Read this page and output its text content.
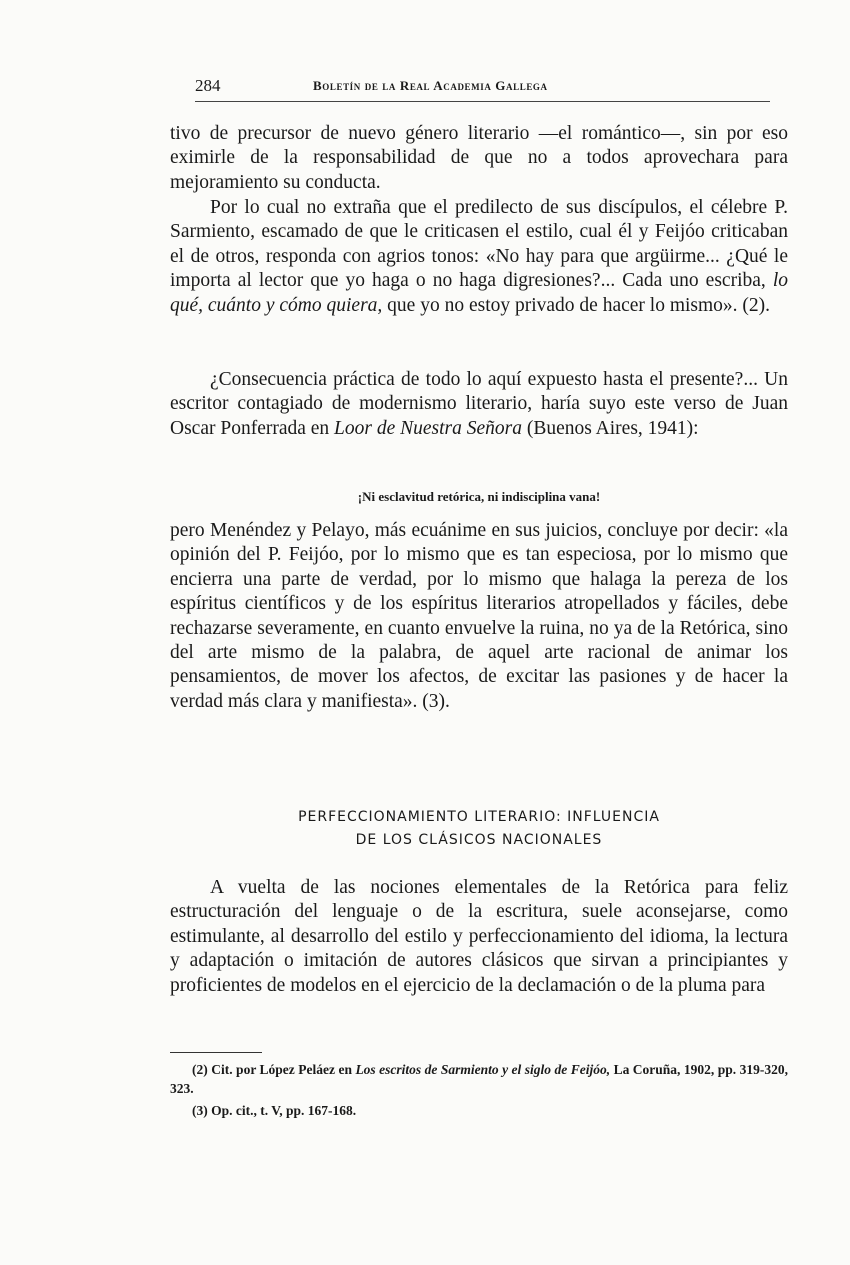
284	Boletín de la Real Academia Gallega

tivo de precursor de nuevo género literario —el romántico—, sin por eso eximirle de la responsabilidad de que no a todos aprovechara para mejoramiento su conducta.

Por lo cual no extraña que el predilecto de sus discípulos, el célebre P. Sarmiento, escamado de que le criticasen el estilo, cual él y Feijóo criticaban el de otros, responda con agrios tonos: «No hay para que argüirme... ¿Qué le importa al lector que yo haga o no haga digresiones?... Cada uno escriba, lo qué, cuánto y cómo quiera, que yo no estoy privado de hacer lo mismo». (2).

¿Consecuencia práctica de todo lo aquí expuesto hasta el presente?... Un escritor contagiado de modernismo literario, haría suyo este verso de Juan Oscar Ponferrada en Loor de Nuestra Señora (Buenos Aires, 1941):

¡Ni esclavitud retórica, ni indisciplina vana!

pero Menéndez y Pelayo, más ecuánime en sus juicios, concluye por decir: «la opinión del P. Feijóo, por lo mismo que es tan especiosa, por lo mismo que encierra una parte de verdad, por lo mismo que halaga la pereza de los espíritus científicos y de los espíritus literarios atropellados y fáciles, debe rechazarse severamente, en cuanto envuelve la ruina, no ya de la Retórica, sino del arte mismo de la palabra, de aquel arte racional de animar los pensamientos, de mover los afectos, de excitar las pasiones y de hacer la verdad más clara y manifiesta». (3).

PERFECCIONAMIENTO LITERARIO: INFLUENCIA
DE LOS CLÁSICOS NACIONALES

A vuelta de las nociones elementales de la Retórica para feliz estructuración del lenguaje o de la escritura, suele aconsejarse, como estimulante, al desarrollo del estilo y perfeccionamiento del idioma, la lectura y adaptación o imitación de autores clásicos que sirvan a principiantes y proficientes de modelos en el ejercicio de la declamación o de la pluma para

(2) Cit. por López Peláez en Los escritos de Sarmiento y el siglo de Feijóo, La Coruña, 1902, pp. 319-320, 323.

(3) Op. cit., t. V, pp. 167-168.
